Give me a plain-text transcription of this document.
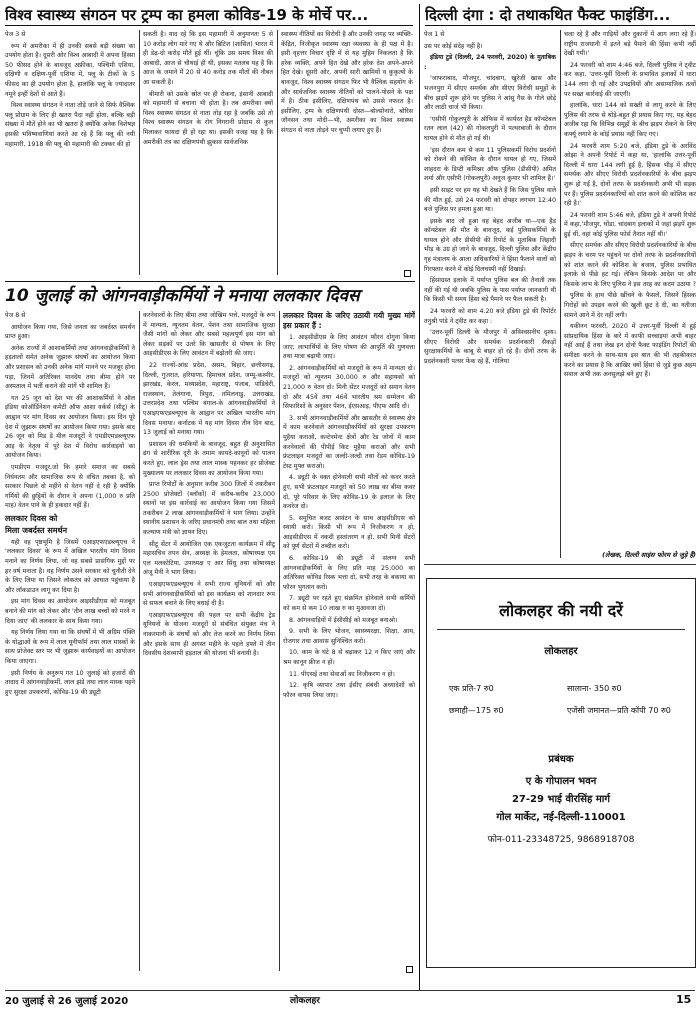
विश्व स्वास्थ्य संगठन पर ट्रम्प का हमला कोविड-19 के मोर्चे पर...	दिल्ली दंगा : दो तथाकथित फैक्ट फाइंडिंग...

पेज 3 से

रूप में अमरीका में ही उनकी सबसे बड़ी संख्या का उपयोग होता है। दूसरी ओर विश्व आबादी में अपना हिस्सा 50 फीसद होने के बावजूद अफ्रीका, पश्चिमी एशिया, दक्षिणी व दक्षिण-पूर्वी एशिया में, फ्लू के टीकों के 5 फीसद का ही उपयोग होता है, हालांकि फ्लू के ज्यादातर नमूने इन्हीं देशों से आते हैं।

विश्व स्वास्थ्य संगठन ने नाता तोड़े जाने से सिर्फ वैश्विक फ्लू प्रोग्राम के लिए ही खतरा पैदा नहीं होता, बल्कि बड़ी संख्या में मौतें होने का भी खतरा है क्योंकि अनेक विशेषज्ञ इसकी भविष्यवाणियां करते आ रहे हैं कि फ्लू की नयी महामारी, 1918 की फ्लू की महामारी की टक्कर की हो

सकती है। याद रहे कि इस महामारी में अनुमानतः 5 से 10 करोड़ लोग मारे गए थे और ब्रिटिश (शासित) भारत में ही डेढ़-दो करोड़ मौतें हुई थीं। चूंकि उस समय विश्व की आबादी, आज से चौथाई ही थी, इसका मतलब यह है कि आज के जमाने में 20 से 40 करोड़ तक मौतों की नौबत आ सकती है।

बीमारी को उसके स्रोत पर ही रोकना, इंसानी आबादी को महामारी से बचाना भी होता है। तब अमरीका क्यों विश्व स्वास्थ्य संगठन से नाता तोड़ रहा है जबकि उसे तो विश्व स्वास्थ्य संगठन के रोग निगरानी प्रोग्राम से कुल मिलाकर फायदा ही हो रहा था। इसकी वजह यह है कि अमरीकी तंत्र का दक्षिणपंथी झुकाव सार्वजनिक

स्वास्थ्य नीतियों का विरोधी है और उनकी जगह पर व्यक्ति-केंद्रित, निजीकृत स्वास्थ्य रक्षा व्यवस्था के ही पक्ष में है। इसी वृहत्तर विचार दृष्टि में से यह मुहिम निकलता है कि हरेक व्यक्ति, अपने हित देखे और हरेक देश अपने-अपने हित देखे। दूसरी ओर, अपनी सारी खामियों व कुकृत्यों के बावजूद, विश्व स्वास्थ्य संगठन फिर भी वैश्विक सहयोग के और सार्वजनिक स्वास्थ्य नीतियों को पालने-पोसने के पक्ष में है। ठीक इसीलिए, दक्षिणपंथ को उससे नफरत है। इसीलिए, ट्रम्प के दक्षिणपंथी दोस्त—बोल्सोनारो, बोरिस जॉनसन तथा मोदी—भी, अमरीका का विश्व स्वास्थ्य संगठन से नाता तोड़ने पर चुप्पी लगाए हुए हैं।

10 जुलाई को आंगनवाड़ीकर्मियों ने मनाया ललकार दिवस

पेज 8 से

आयोजन किया गया, जिसे जनता का जबर्दस्त समर्थन प्राप्त हुआ।

अनेक राज्यों में आशाकर्मियों तथा आंगनवाड़ीकर्मियों ने हड़तालों समेत अनेक जुझारू संघर्षों का आयोजन किया और प्रशासन को उनकी अनेक मांगें मानने पर मजबूर होना पड़ा, जिनमें अतिरिक्त मानदेय तथा बीमा होने पर अस्पताल में भर्ती कराने की मांगें भी शामिल हैं।

गत 25 जून को देश भर की आशाकर्मियों ने ऑल इंडिया कोऑर्डिनेशन कमेटी ऑफ आशा वर्कर्स (सीटू) के आह्वान पर मांग दिवस का आयोजन किया। इस दिन पूरे देश में जुझारू संघर्षों का आयोजन किया गया। इसके बाद 26 जून को मिड डे मील मजदूरों ने एमडीएमडब्ल्यूएफ आइ के नेतृत्व में पूरे देश में विरोध कार्रवाइयों का आयोजन किया।

एमडीएम मजदूर,जो कि हमारे समाज का सबसे निर्धनतम और सामाजिक रूप से वंचित तबका है, को सरकार पिछले दो महीने से वेतन नहीं दे रही है क्योंकि गर्मियों की छुट्टियों के दौरान वे अपना (1,000 रु प्रति माह) वेतन पाने के ही हकदार नहीं हैं।

ललकार दिवस को

मिला जबर्दस्त समर्थन

यही वह पृष्ठभूमि है जिसमें एआइएफएडब्ल्यूएच ने 'ललकार दिवस' के रूप में अखिल भारतीय मांग दिवस मनाने का निर्णय लिया, जो वह सबसे प्रासंगिक मुद्दों पर हर वर्ष मनाता है। यह निर्णय उसने सरकार को चुनौती देने के लिए लिया था जिसने लोकतंत्र को आघात पहुंचाया है और लॉकडाउन लागू कर दिया है।

इस मांग दिवस का आयोजन आइसीडीएस को मजबूत बनाने की मांग को लेकर और 'तीन लाख बच्चों को मरने न दिया जाए' की ललकार के साथ किया गया।

यह निर्णय लिया गया था कि संघर्षों में भी अग्रिम पंक्ति के योद्धाओं के रूप में लाल यूनीफॉर्म तथा लाल मास्कों के साथ प्रोजेक्ट स्तर पर भी जुझारू कार्यवाइयों का आयोजन किया जाएगा।

इसी निर्णय के अनुरूप गत 10 जुलाई को हजारों की तादाद में आंगनवाड़ीकर्मी, लाल झंडे तथा लाल मास्क पहने हुए सुरक्षा उपकरणों, कोविड-19 की ड्यूटी

करनेवालों के लिए बीमा तथा जोखिम भत्ते, मजदूरों के रूप में मान्यता, न्यूनतम वेतन, पेंशन तथा सामाजिक सुरक्षा जैसी मांगों को लेकर और सबसे महत्वपूर्ण इस मांग को लेकर सड़कों पर उतरे कि खासतौर से पोषण के लिए आइसीडीएस के लिए आवंटन में बढ़ोतरी की जाए।

22 राज्यों-आंध्र प्रदेश, असम, बिहार, छत्तीसगढ़, दिल्ली, गुजरात, हरियाणा, हिमाचल प्रदेश, जम्मू-कश्मीर, झारखंड, केरल, मध्यप्रदेश, महाराष्ट्र, पंजाब, पांडिचेरी, राजस्थान, तेलंगाना, त्रिपुरा, तमिलनाडु, उत्तराखंड, उत्तरप्रदेश तथा पश्चिम बंगाल-के आंगनवाड़ीकर्मियों ने एआइएफएडब्ल्यूएच के आह्वान पर अखिल भारतीय मांग दिवस मनाया। कर्नाटक में यह मांग दिवस तीन दिन बाद, 13 जुलाई को मनाया गया।

प्रशासन की धमकियों के बावजूद, बहुत ही अनुशासित ढंग से शारीरिक दूरी के तमाम कायदे-कानूनों को पालन करते हुए, लाल ड्रेस तथा लाल मास्क पहनकर हर प्रोजेक्ट मुख्यालय पर ललकार दिवस का आयोजन किया गया।

प्राप्त रिपोर्टों के अनुसार करीब 300 जिलों में तकरीबन 2500 प्रोजेक्टों (ब्लॉकों) में करीब-करीब 23,000 स्थानों पर इस कार्रवाई का आयोजन किया गया जिसमें तकरीबन 2 लाख आंगनवाड़ीकर्मियों ने भाग लिया। उन्होंने स्थानीय प्रशासन के जरिए प्रधानमंत्री तथा बाल तथा महिला कल्याण मंत्री को ज्ञापन दिए।

सीटू सेंटर में आयोजित एक एकजुटता कार्यक्रम में सीटू महासचिव तपन सेन, अध्यक्ष के हेमलता, कोषाध्यक्ष एम एल मलकोटिया, उपाध्यक्ष ए आर सिंधु तथा कोषाध्यक्ष अंजू मैनी ने भाग लिया।

एआइएफएडब्ल्यूएच ने सभी राज्य यूनियनों को और सभी आंगनवाड़ीकर्मियों को इस कार्यक्रम को शानदार रूप से सफल बनाने के लिए बधाई दी है।

एआइएफएडब्ल्यूएच की पहल पर सभी केंद्रीय ट्रेड यूनियनों के योजना मजदूरों से संबंधित संयुक्त मंच ने नाकरमानी के संघर्षों को और तेज करने का निर्णय लिया और इसके साथ ही अगस्त महीने के पहले हफ्ते में तीन दिवसीय देशव्यापी हड़ताल की योजना भी बनायी है।

ललकार दिवस के जरिए उठायी गयी मुख्य मांगें इस प्रकार हैं :

1. आइसीडीएस के लिए आवंटन फौरन दोगुना किया जाए; लाभार्थियों के लिए पोषण की आपूर्ति की गुणवत्ता तथा मात्रा बढ़ायी जाए।

2. आंगनवाड़ीकर्मियों को मजदूरों के रूप में मान्यता दो। मजदूरों को न्यूनतम 30,000 रु और सहायकों को 21,000 रु वेतन दो। मिनी सेंटर मजदूरों को समान वेतन दो और 45वें तथा 46वें भारतीय श्रम सम्मेलन की सिफारिशों के अनुसार पेंशन, ईएसआइ, पीएफ आदि दो।

3. सभी आंगनवाड़ीकर्मियों और खासतौर से स्वास्थ्य क्षेत्र में काम करनेवाले आंगनवाड़ीकर्मियों को सुरक्षा उपकरण मुहैया कराओ, कन्टेनमेन्ट क्षेत्रों और रेड जोनों में काम करनेवालों की पीपीई किट मुहैया कराओ और सभी फ्रंटलाइन मजदूरों का जल्दी-जल्दी तथा रेंडम कोविड-19 टेस्ट मुफ्त कराओ।

4. ड्यूटी के वक्त होनेवाली सभी मौतों को कवर करते हुए, सभी फ्रंटलाइन मजदूरों को 50 लाख का बीमा कवर दो, पूरे परिवार के लिए कोविड-19 के इलाज के लिए कवरेज दो।

5. समुचित बजट आवंटन के साथ आइसीडीएस को स्थायी करो। किसी भी रूप में निजीकरण न हो, आइसीडीएस में नकदी हस्तांतरण न हो, सभी मिनी सेंटरों को पूर्ण सेंटरों में तब्दील करो।

6. कोविड-19 की ड्यूटी में संलग्न सभी आंगनवाड़ीकर्मियों के लिए प्रति माह 25,000 का अतिरिक्त कोविड रिस्क भत्ता दो, सभी तरह के बकाया का फौरन भुगतान करो।

7. ड्यूटी पर रहते हुए संक्रमित होनेवाले सभी कर्मियों को कम से कम 10 लाख रु का मुआवजा दो।

8. आंगनवाड़ियों में ईसीसीई को मजबूत बनाओ।

9. सभी के लिए भोजन, स्वास्थ्यरक्षा, शिक्षा, आय, रोजगार तथा आवास सुनिश्चित करो।

10. काम के घंटे 8 से बढ़ाकर 12 न किए जाएं और श्रम कानून फ्रीज न हों।

11. पीएसई तथा सेवाओं का निजीकरण न हो।

12. कृषि व्यापार तथा ईसीए संबंधी अध्यादेशों को फौरन वापस लिया जाए।

पेज 1 से

उस पर कोई संदेह नहीं है।

इंडिया टुडे (दिल्ली, 24 फरवरी, 2020) के मुताबिक :

'जाफराबाद, मौजपुर, चांदबाग, खुरेजी खास और भजनपुरा में सीएए समर्थक और सीएए विरोधी समूहों के बीच झड़पें शुरू होने पर पुलिस ने आंसू गैस के गोले छोड़े और लाठी चार्ज भी किया।

'एसीपी गोकुलपुरी के ऑफिस में कार्यरत हैड कॉन्स्टेबल रतन लाल (42) की गोकलपुरी में पत्थरबाजी के दौरान घायल होने से मौत हो गई थी।

'इस दौरान कम से कम 11 पुलिसकर्मी विरोध प्रदर्शनों को रोकने की कोशिश के दौरान घायल हो गए, जिसमें शाहदरा के डिप्टी कमिश्नर ऑफ पुलिस (डीसीपी) अमित शर्मा और एसीपी (गोकलपुरी) अनुज कुमार भी शामिल हैं।'

इसी साइट पर हम यह भी देखते हैं कि जिस पुलिस वाले की मौत हुई, उसे 24 फरवरी को दोपहर लगभग 12:40 बजे पुलिस पर हमला हुआ था।

इसके बाद जो हुआ वह बेहद अजीब था—एक हैड कॉन्स्टेबल की मौत के बावजूद, कई पुलिसकर्मियों के घायल होने और डीसीपी की रिपोर्ट के मुताबिक जिहादी भीड़ के उग्र हो जाने के बावजूद, दिल्ली पुलिस और केंद्रीय गृह मंत्रालय के आला अधिकारियों ने हिंसा फैलाने वालों को गिरफ्तार करने में कोई दिलचस्पी नहीं दिखाई।

हिंसाग्रस्त इलाके में पर्याप्त पुलिस बल की तैनाती तक नहीं की गई थी जबकि पुलिस के पास पर्याप्त जानकारी थी कि किसी भी समय हिंसा बड़े पैमाने पर फैल सकती है।

24 फरवरी को शाम 4.20 बजे इंडिया टुडे की रिपोर्टर तनुश्री पांडे ने ट्वीट कर कहा :

'उत्तर-पूर्वी दिल्ली के मौजपुर में अविश्वसनीय दृश्य। सीएए विरोधी और समर्थक प्रदर्शनकारी सैकड़ों सुरक्षाकर्मियों के काबू से बाहर हो रहे हैं। दोनों तरफ के प्रदर्शनकारी पत्थर फेंक रहे हैं, गोलियां

चला रहे हैं और गाड़ियों और दुकानों में आग लगा रहे हैं। राष्ट्रीय राजधानी में इतने बड़े पैमाने की हिंसा कभी नहीं देखी गयी।'

24 फरवरी को शाम 4:46 बजे, दिल्ली पुलिस ने ट्वीट कर कहा, 'उत्तर-पूर्वी दिल्ली के प्रभावित इलाकों में धारा 144 लगा दी गई और उपद्रवियों और असामाजिक तत्वों पर सख्त कार्रवाई की जाएगी।

हालांकि, धारा 144 को सख्ती से लागू करने के लिए पुलिस की तरफ से थोड़े-बहुत ही प्रयास किए गए, यह बेहद अजीब रहा कि विभिन्न समूहों के बीच झड़प रोकने के लिए कर्फ्यू लगाने के कोई प्रयास नहीं किए गए।

24 फरवरी शाम 5:20 बजे, इंडिया टुडे के अरविंद ओझा ने अपनी रिपोर्ट में कहा था, 'हालांकि उत्तर-पूर्वी दिल्ली में धारा 144 लगी हुई है, हिंसक भीड़ में सीएए समर्थक और सीएए विरोधी प्रदर्शनकारियों के बीच झड़प शुरू हो गई है, दोनों तरफ के प्रदर्शनकारी अभी भी सड़क पर हैं। पुलिस प्रदर्शनकारियों को शांत करने की कोशिश कर रही है।'

24 फरवरी शाम 5:46 बजे, इंडिया टुडे ने अपनी रिपोर्ट में कहा,'मौजपुर, घोंडा, चांदबाग इलाकों में जहां झड़पें शुरू हुई थीं, वहां कोई पुलिस फोर्स तैनात नहीं थी।'

सीएए समर्थक और सीएए विरोधी प्रदर्शनकारियों के बीच झड़प के चरम पर पहुंचने पर दोनों तरफ के प्रदर्शनकारियों को शांत करने की कोशिश के बजाय, पुलिस प्रभावित इलाके से पीछे हट गई। लेकिन किसके आदेश पर और किसके लाभ के लिए पुलिस ने इस तरह का कदम उठाया ?

पुलिस के हाथ पीछे खींचने के फैसले, जिसने हिंसक गिरोहों को उपद्रव करने की खुली छूट दे दी, का नतीजा सामने आने में देर नहीं लगी।

यकीनन फरवरी, 2020 में उत्तर-पूर्वी दिल्ली में हुई सांप्रदायिक हिंसा के बारे में काफी सच्चाइयां अभी बाहर नहीं आई हैं तथा लेख इन दोनों फैक्ट फाइंडिंग रिपोर्टों की समीक्षा करने के साथ-साथ इस बात की भी तहकीकात करने का प्रयास है कि आखिर क्यों हिंसा से जुड़े कुछ अहम सवाल अभी तक अनसुलझे बने हुए हैं।

(लेखक, दिल्ली साइंस फोरम से जुड़े हैं)
लोकलहर की नयी दरें
लोकलहर
एक प्रति-7 रु0	सालाना- 350 रु0
छमाही—175 रु0	एजेंसी जमानत—प्रति कॉपी 70 रु0
प्रबंधक
ए के गोपालन भवन
27-29 भाई वीरसिंह मार्ग
गोल मार्केट, नई-दिल्ली-110001
फोन-011-23348725, 9868918708
20 जुलाई से 26 जुलाई 2020	लोकलहर	15
